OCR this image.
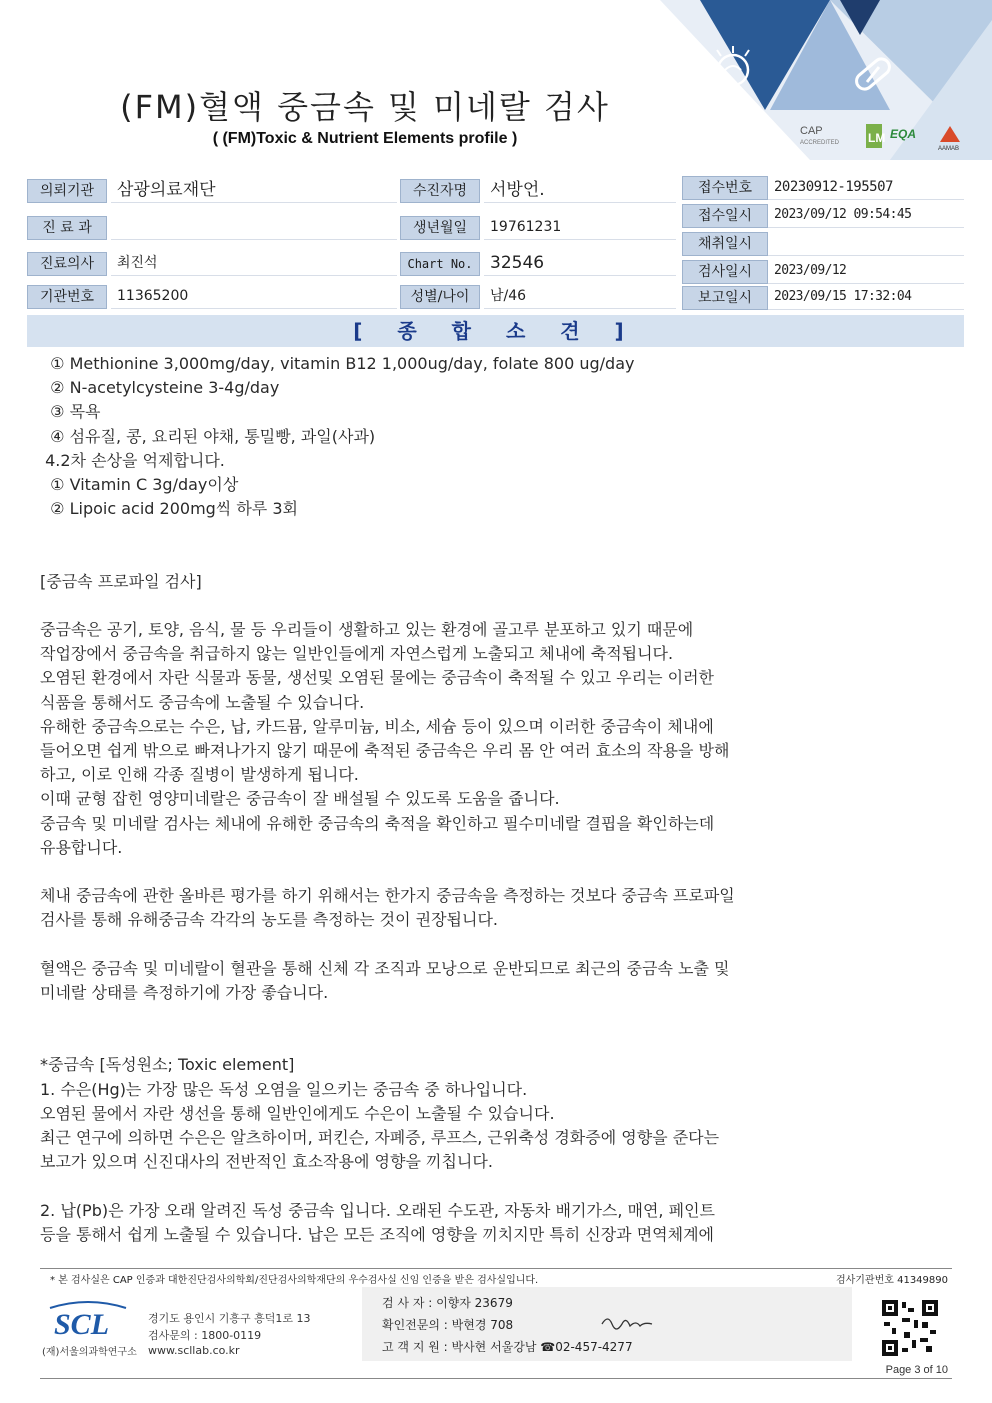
CAP
ACCREDITED LM EQA
AAMAB
(FM)혈액 중금속 및 미네랄 검사
( (FM)Toxic & Nutrient Elements profile )
의뢰기관	삼광의료재단
진 료 과
진료의사	최진석
기관번호	11365200
수진자명	서방언.
생년월일	19761231
Chart No.	32546
성별/나이	남/46
접수번호	20230912-195507
접수일시	2023/09/12 09:54:45
채취일시
검사일시	2023/09/12
보고일시	2023/09/15 17:32:04
[ 종 합 소 견 ]
① Methionine 3,000mg/day, vitamin B12 1,000ug/day, folate 800 ug/day
② N-acetylcysteine 3-4g/day
③ 목욕
④ 섬유질, 콩, 요리된 야채, 통밀빵, 과일(사과)
4.2차 손상을 억제합니다.
① Vitamin C 3g/day이상
② Lipoic acid 200mg씩 하루 3회
[중금속 프로파일 검사]
중금속은 공기, 토양, 음식, 물 등 우리들이 생활하고 있는 환경에 골고루 분포하고 있기 때문에
작업장에서 중금속을 취급하지 않는 일반인들에게 자연스럽게 노출되고 체내에 축적됩니다.
오염된 환경에서 자란 식물과 동물, 생선및 오염된 물에는 중금속이 축적될 수 있고 우리는 이러한
식품을 통해서도 중금속에 노출될 수 있습니다.
유해한 중금속으로는 수은, 납, 카드뮴, 알루미늄, 비소, 세슘 등이 있으며 이러한 중금속이 체내에
들어오면 쉽게 밖으로 빠져나가지 않기 때문에 축적된 중금속은 우리 몸 안 여러 효소의 작용을 방해
하고, 이로 인해 각종 질병이 발생하게 됩니다.
이때 균형 잡힌 영양미네랄은 중금속이 잘 배설될 수 있도록 도움을 줍니다.
중금속 및 미네랄 검사는 체내에 유해한 중금속의 축적을 확인하고 필수미네랄 결핍을 확인하는데
유용합니다.
체내 중금속에 관한 올바른 평가를 하기 위해서는 한가지 중금속을 측정하는 것보다 중금속 프로파일
검사를 통해 유해중금속 각각의 농도를 측정하는 것이 권장됩니다.
혈액은 중금속 및 미네랄이 혈관을 통해 신체 각 조직과 모낭으로 운반되므로 최근의 중금속 노출 및
미네랄 상태를 측정하기에 가장 좋습니다.
*중금속 [독성원소; Toxic element]
1. 수은(Hg)는 가장 많은 독성 오염을 일으키는 중금속 중 하나입니다.
오염된 물에서 자란 생선을 통해 일반인에게도 수은이 노출될 수 있습니다.
최근 연구에 의하면 수은은 알츠하이머, 퍼킨슨, 자폐증, 루프스, 근위축성 경화증에 영향을 준다는
보고가 있으며 신진대사의 전반적인 효소작용에 영향을 끼칩니다.
2. 납(Pb)은 가장 오래 알려진 독성 중금속 입니다. 오래된 수도관, 자동차 배기가스, 매연, 페인트
등을 통해서 쉽게 노출될 수 있습니다. 납은 모든 조직에 영향을 끼치지만 특히 신장과 면역체계에
* 본 검사실은 CAP 인증과 대한진단검사의학회/진단검사의학재단의 우수검사실 신임 인증을 받은 검사실입니다.	검사기관번호 41349890
SCL
(재)서울의과학연구소
경기도 용인시 기흥구 흥덕1로 13
검사문의 : 1800-0119
www.scllab.co.kr
검 사 자 : 이향자 23679
확인전문의 : 박현경 708
고 객 지 원 : 박사현 서울강남 ☎02-457-4277
Page 3 of 10
